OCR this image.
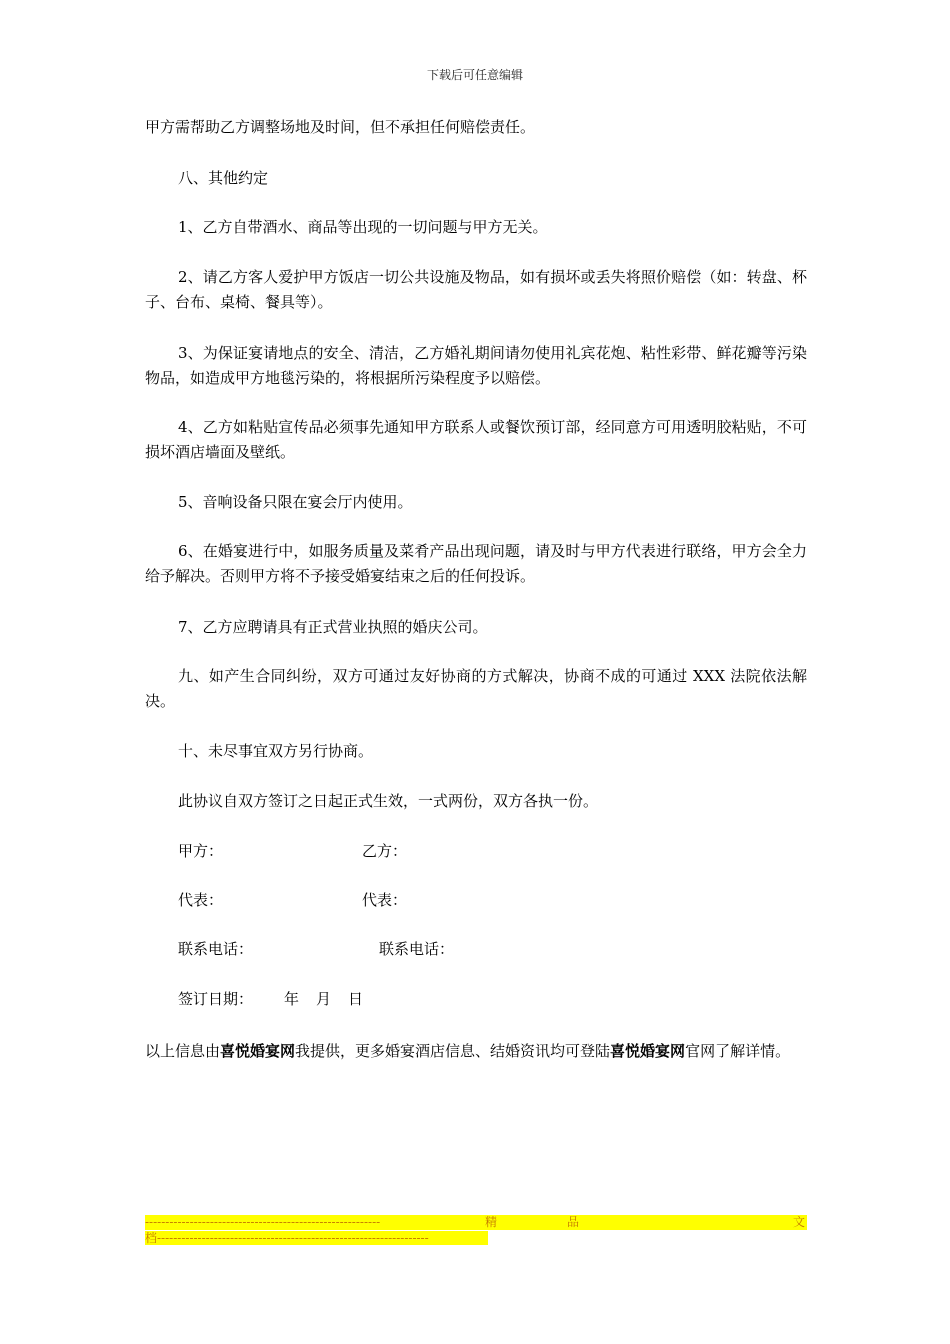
下载后可任意编辑
甲方需帮助乙方调整场地及时间，但不承担任何赔偿责任。
八、其他约定
1、乙方自带酒水、商品等出现的一切问题与甲方无关。
2、请乙方客人爱护甲方饭店一切公共设施及物品，如有损坏或丢失将照价赔偿（如：转盘、杯子、台布、桌椅、餐具等）。
3、为保证宴请地点的安全、清洁，乙方婚礼期间请勿使用礼宾花炮、粘性彩带、鲜花瓣等污染物品，如造成甲方地毯污染的，将根据所污染程度予以赔偿。
4、乙方如粘贴宣传品必须事先通知甲方联系人或餐饮预订部，经同意方可用透明胶粘贴，不可损坏酒店墙面及壁纸。
5、音响设备只限在宴会厅内使用。
6、在婚宴进行中，如服务质量及菜肴产品出现问题，请及时与甲方代表进行联络，甲方会全力给予解决。否则甲方将不予接受婚宴结束之后的任何投诉。
7、乙方应聘请具有正式营业执照的婚庆公司。
九、如产生合同纠纷，双方可通过友好协商的方式解决，协商不成的可通过 XXX 法院依法解决。
十、未尽事宜双方另行协商。
此协议自双方签订之日起正式生效，一式两份，双方各执一份。
甲方：	乙方：
代表：	代表：
联系电话：	联系电话：
签订日期： 年 月 日
以上信息由喜悦婚宴网我提供，更多婚宴酒店信息、结婚资讯均可登陆喜悦婚宴网官网了解详情。
----------------------------------------------------------	精	品	文
档-------------------------------------------------------------------
